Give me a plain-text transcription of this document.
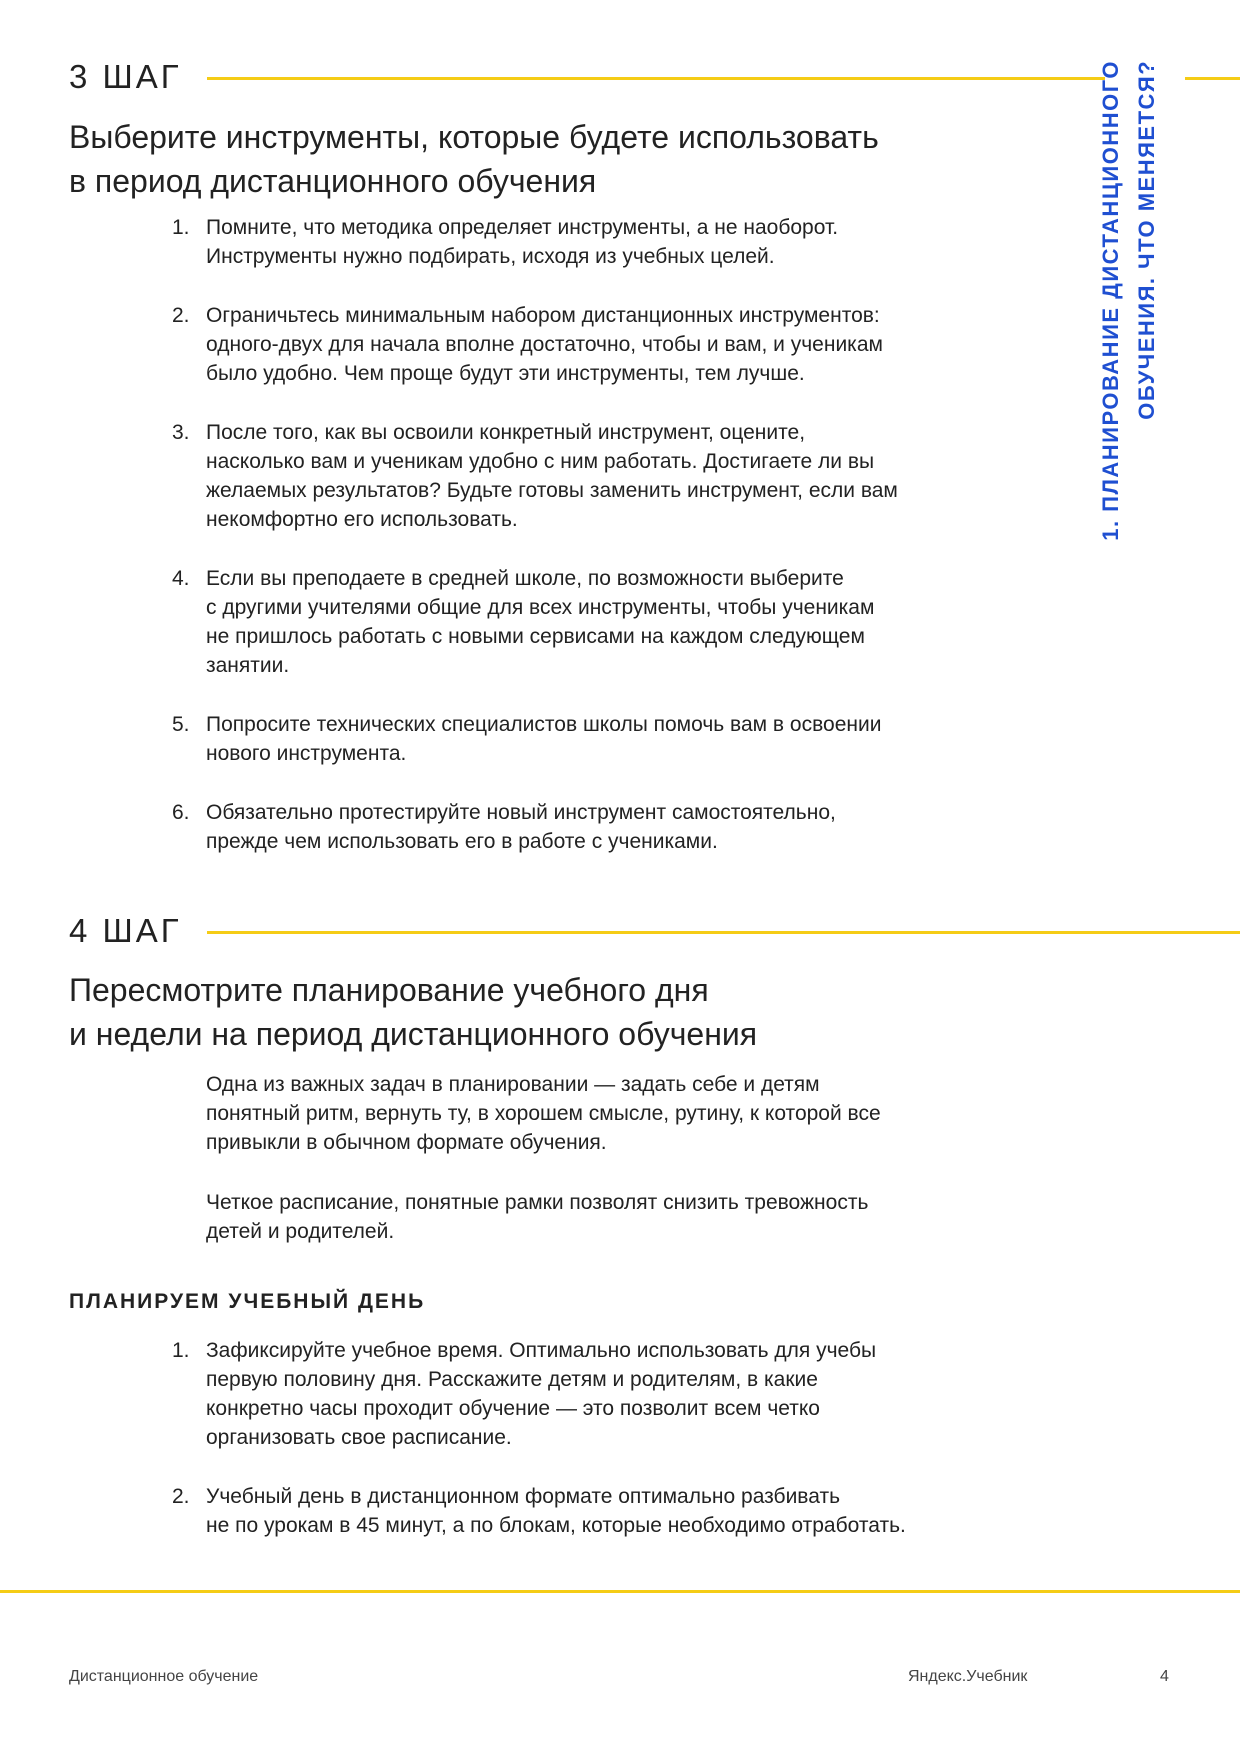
3 ШАГ
Выберите инструменты, которые будете использовать
в период дистанционного обучения
1. Помните, что методика определяет инструменты, а не наоборот.
Инструменты нужно подбирать, исходя из учебных целей.
2. Ограничьтесь минимальным набором дистанционных инструментов:
одного-двух для начала вполне достаточно, чтобы и вам, и ученикам
было удобно. Чем проще будут эти инструменты, тем лучше.
3. После того, как вы освоили конкретный инструмент, оцените,
насколько вам и ученикам удобно с ним работать. Достигаете ли вы
желаемых результатов? Будьте готовы заменить инструмент, если вам
некомфортно его использовать.
4. Если вы преподаете в средней школе, по возможности выберите
с другими учителями общие для всех инструменты, чтобы ученикам
не пришлось работать с новыми сервисами на каждом следующем
занятии.
5. Попросите технических специалистов школы помочь вам в освоении
нового инструмента.
6. Обязательно протестируйте новый инструмент самостоятельно,
прежде чем использовать его в работе с учениками.
4 ШАГ
Пересмотрите планирование учебного дня
и недели на период дистанционного обучения

Одна из важных задач в планировании — задать себе и детям
понятный ритм, вернуть ту, в хорошем смысле, рутину, к которой все
привыкли в обычном формате обучения.

Четкое расписание, понятные рамки позволят снизить тревожность
детей и родителей.

ПЛАНИРУЕМ УЧЕБНЫЙ ДЕНЬ
1. Зафиксируйте учебное время. Оптимально использовать для учебы
первую половину дня. Расскажите детям и родителям, в какие
конкретно часы проходит обучение — это позволит всем четко
организовать свое расписание.
2. Учебный день в дистанционном формате оптимально разбивать
не по урокам в 45 минут, а по блокам, которые необходимо отработать.
1. ПЛАНИРОВАНИЕ ДИСТАНЦИОННОГО ОБУЧЕНИЯ. ЧТО МЕНЯЕТСЯ?
Дистанционное обучение	Яндекс.Учебник	4
